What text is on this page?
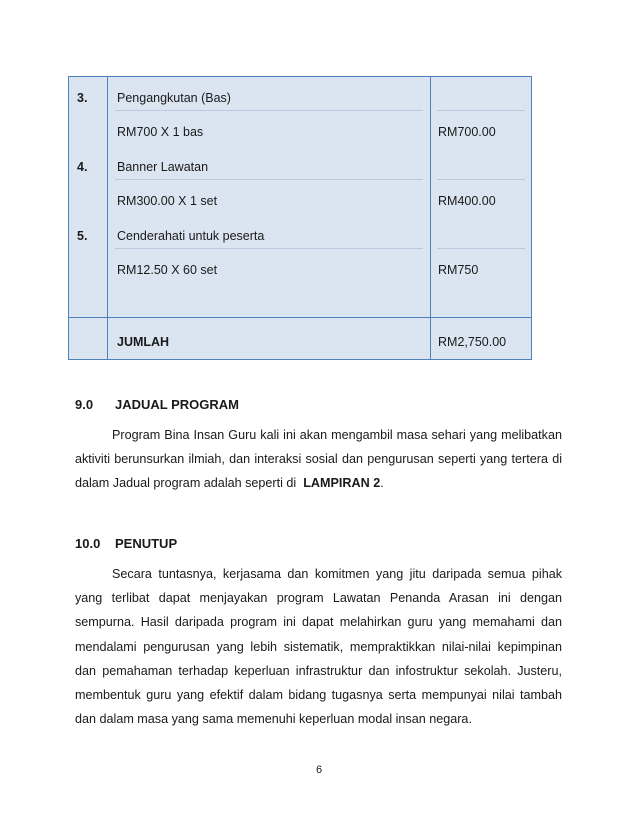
3. Pengangkutan (Bas)
RM700 X 1 bas	RM700.00
4. Banner Lawatan
RM300.00 X 1 set	RM400.00
5. Cenderahati untuk peserta
RM12.50 X 60 set	RM750
JUMLAH	RM2,750.00
9.0 JADUAL PROGRAM
Program Bina Insan Guru kali ini akan mengambil masa sehari yang melibatkan aktiviti berunsurkan ilmiah, dan interaksi sosial dan pengurusan seperti yang tertera di dalam Jadual program adalah seperti di LAMPIRAN 2.
10.0 PENUTUP
Secara tuntasnya, kerjasama dan komitmen yang jitu daripada semua pihak yang terlibat dapat menjayakan program Lawatan Penanda Arasan ini dengan sempurna. Hasil daripada program ini dapat melahirkan guru yang memahami dan mendalami pengurusan yang lebih sistematik, mempraktikkan nilai-nilai kepimpinan dan pemahaman terhadap keperluan infrastruktur dan infostruktur sekolah. Justeru, membentuk guru yang efektif dalam bidang tugasnya serta mempunyai nilai tambah dan dalam masa yang sama memenuhi keperluan modal insan negara.
6
